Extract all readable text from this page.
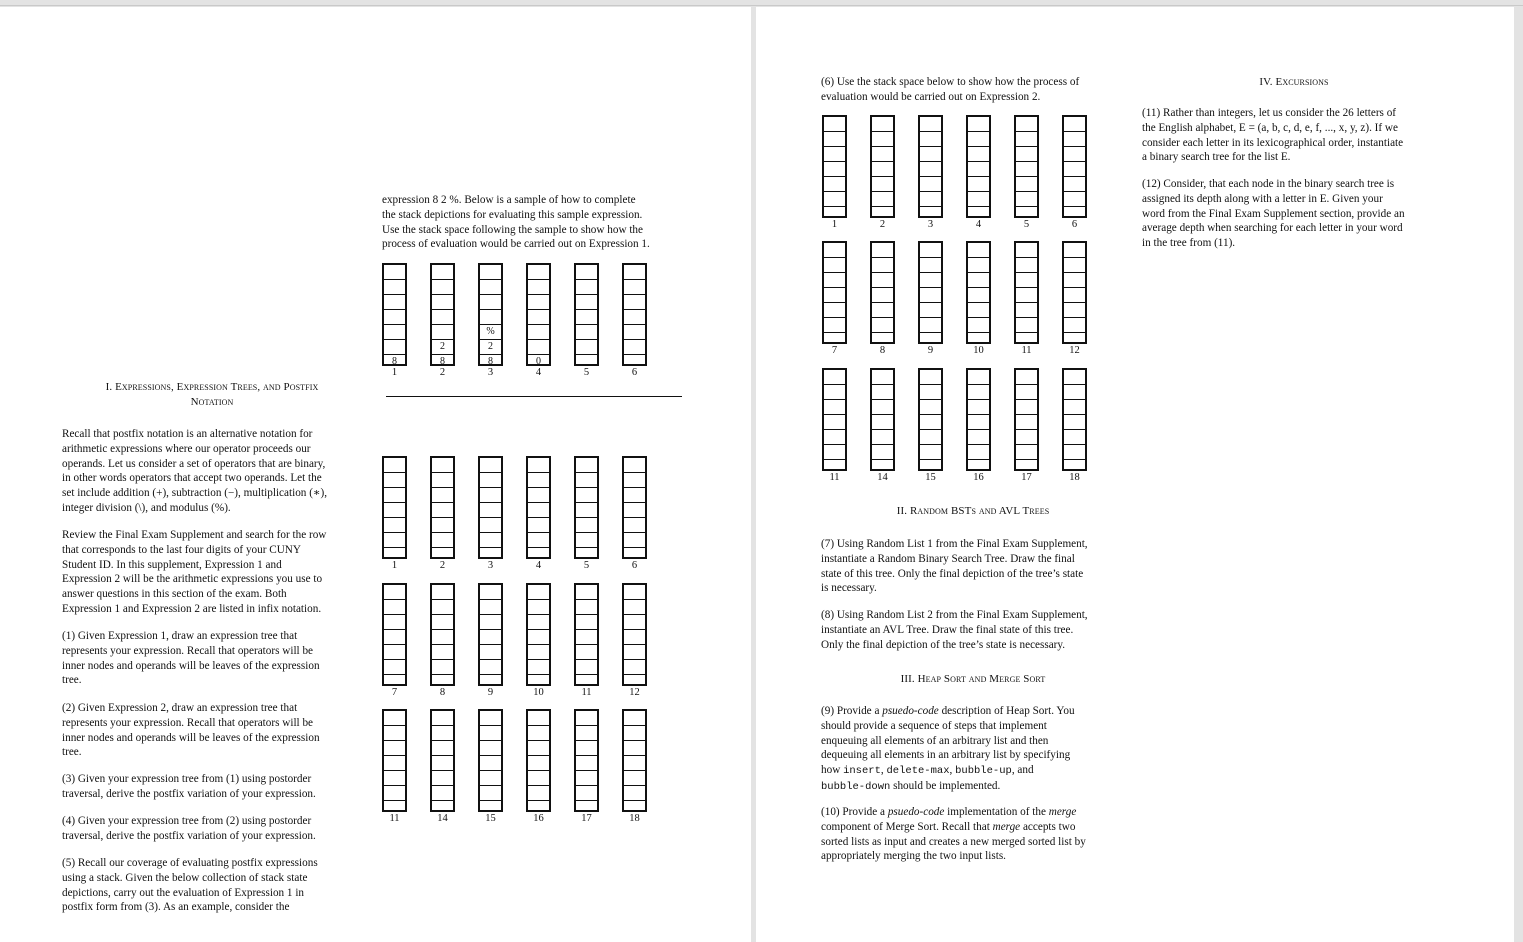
expression 8 2 %. Below is a sample of how to complete
the stack depictions for evaluating this sample expression.
Use the stack space following the sample to show how the
process of evaluation would be carried out on Expression 1.
8
1
2
8
2
%
2
8
3
0
4	5	6
I. Expressions, Expression Trees, and Postfix
Notation
Recall that postfix notation is an alternative notation for
arithmetic expressions where our operator proceeds our
operands. Let us consider a set of operators that are binary,
in other words operators that accept two operands. Let the
set include addition (+), subtraction (−), multiplication (∗),
integer division (\), and modulus (%).
Review the Final Exam Supplement and search for the row
that corresponds to the last four digits of your CUNY
Student ID. In this supplement, Expression 1 and
Expression 2 will be the arithmetic expressions you use to
answer questions in this section of the exam. Both
Expression 1 and Expression 2 are listed in infix notation.
(1) Given Expression 1, draw an expression tree that
represents your expression. Recall that operators will be
inner nodes and operands will be leaves of the expression
tree.
(2) Given Expression 2, draw an expression tree that
represents your expression. Recall that operators will be
inner nodes and operands will be leaves of the expression
tree.
(3) Given your expression tree from (1) using postorder
traversal, derive the postfix variation of your expression.
(4) Given your expression tree from (2) using postorder
traversal, derive the postfix variation of your expression.
(5) Recall our coverage of evaluating postfix expressions
using a stack. Given the below collection of stack state
depictions, carry out the evaluation of Expression 1 in
postfix form from (3). As an example, consider the
1	2	3	4	5	6
7	8	9	10	11	12
11	14	15	16	17	18
(6) Use the stack space below to show how the process of
evaluation would be carried out on Expression 2.
1	2	3	4	5	6
7	8	9	10	11	12
11	14	15	16	17	18
II. Random BSTs and AVL Trees
(7) Using Random List 1 from the Final Exam Supplement,
instantiate a Random Binary Search Tree. Draw the final
state of this tree. Only the final depiction of the tree’s state
is necessary.
(8) Using Random List 2 from the Final Exam Supplement,
instantiate an AVL Tree. Draw the final state of this tree.
Only the final depiction of the tree’s state is necessary.
III. Heap Sort and Merge Sort
(9) Provide a psuedo-code description of Heap Sort. You
should provide a sequence of steps that implement
enqueuing all elements of an arbitrary list and then
dequeuing all elements in an arbitrary list by specifying
how insert, delete-max, bubble-up, and
bubble-down should be implemented.
(10) Provide a psuedo-code implementation of the merge
component of Merge Sort. Recall that merge accepts two
sorted lists as input and creates a new merged sorted list by
appropriately merging the two input lists.
IV. Excursions
(11) Rather than integers, let us consider the 26 letters of
the English alphabet, E = (a, b, c, d, e, f, ..., x, y, z). If we
consider each letter in its lexicographical order, instantiate
a binary search tree for the list E.
(12) Consider, that each node in the binary search tree is
assigned its depth along with a letter in E. Given your
word from the Final Exam Supplement section, provide an
average depth when searching for each letter in your word
in the tree from (11).
